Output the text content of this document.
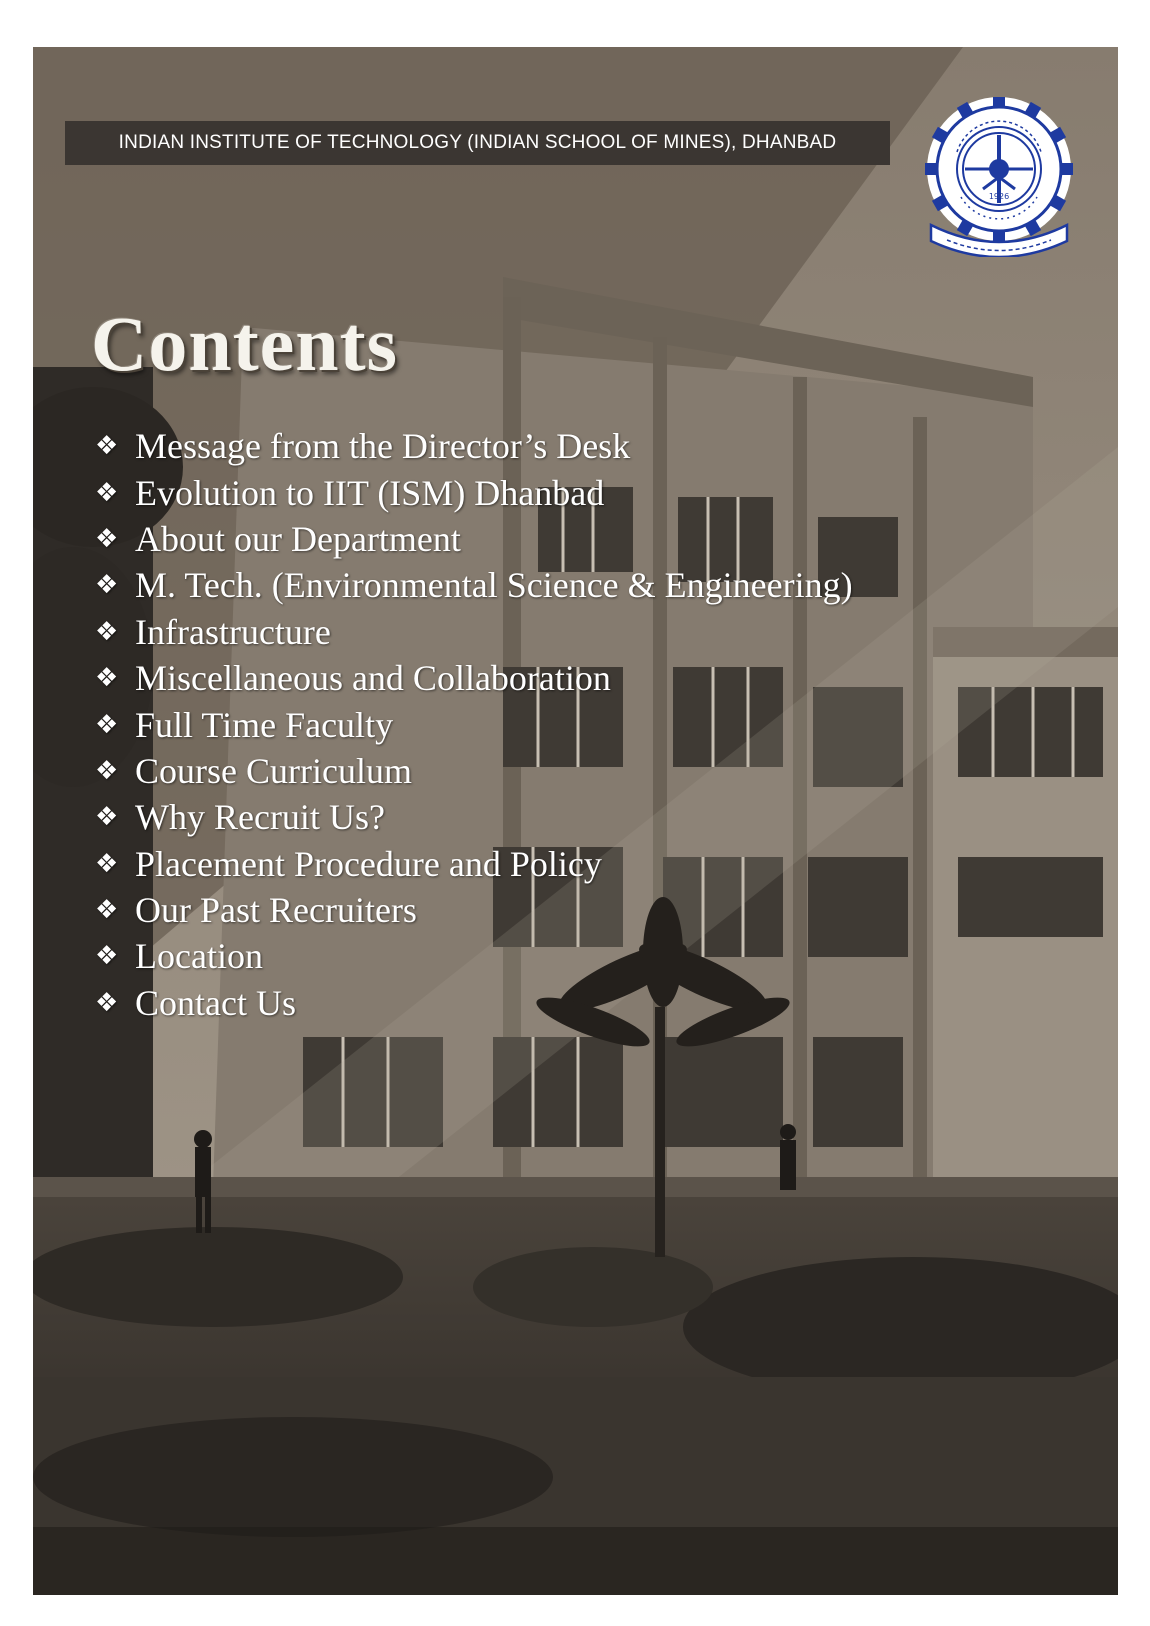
INDIAN INSTITUTE OF TECHNOLOGY (INDIAN SCHOOL OF MINES), DHANBAD
1926
Contents
❖ Message from the Director’s Desk
❖ Evolution to IIT (ISM) Dhanbad
❖ About our Department
❖ M. Tech. (Environmental Science & Engineering)
❖ Infrastructure
❖ Miscellaneous and Collaboration
❖ Full Time Faculty
❖ Course Curriculum
❖ Why Recruit Us?
❖ Placement Procedure and Policy
❖ Our Past Recruiters
❖ Location
❖ Contact Us
